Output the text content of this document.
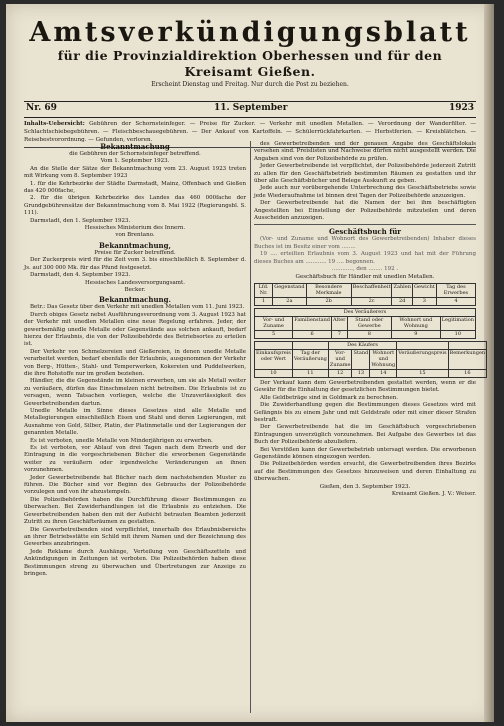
Amtsverkündigungsblatt
für die Provinzialdirektion Oberhessen und für den Kreisamt Gießen.
Erscheint Dienstag und Freitag. Nur durch die Post zu beziehen.
Nr. 69	11. September	1923
Inhalts-Uebersicht: Gebühren der Schornsteinfeger. — Preise für Zucker. — Verkehr mit unedlen Metallen. — Verordnung der Wanderfilter. — Schlachtschiebegebühren. — Fleischbeschauegebühren. — Der Ankauf von Kartoffeln. — Schülerrückfahrkarten. — Herbstferien. — Kreisblätchen. — Reisebestvorordnung. — Gefunden, verloren.
Bekanntmachung

die Gebühren der Schornsteinfeger betreffend.

Vom 1. September 1923.

An die Stelle der Sätze der Bekanntmachung vom 23. August 1923 treten mit Wirkung vom 8. September 1923

1. für die Kehrbezirke der Städte Darmstadt, Mainz, Offenbach und Gießen das 420 000fache,

2. für die übrigen Kehrbezirke des Landes das 460 000fache der Grundgebührensätze der Bekanntmachung vom 8. Mai 1922 (Regierungsbl. S. 111).

Darmstadt, den 1. September 1923.

Hessisches Ministerium des Innern.

von Brentano.

Bekanntmachung,

Preise für Zucker betreffend.

Der Zuckerpreis wird für die Zeit vom 3. bis einschließlich 8. September d. Js. auf 300 000 Mk. für das Pfund festgesetzt.

Darmstadt, den 4. September 1923.

Hessisches Landesversorgungsamt.

Becker.

Bekanntmachung.

Betr.: Das Gesetz über den Verkehr mit unedlen Metallen vom 11. Juni 1923.

Durch obiges Gesetz nebst Ausführungsverordnung vom 3. August 1923 hat der Verkehr mit unedlen Metallen eine neue Regelung erfahren. Jeder, der gewerbsmäßig unedle Metalle oder Gegenstände aus solchen ankauft, bedarf hierzu der Erlaubnis, die von der Polizeibehörde des Betriebsortes zu erteilen ist.

Der Verkehr von Schmelzereien und Gießereien, in denen unedle Metalle verarbeitet werden, bedarf ebenfalls der Erlaubnis, ausgenommen der Verkehr von Berg-, Hütten-, Stahl- und Temperwerken, Kokereien und Puddelwerken, die ihre Rohstoffe nur im großen beziehen.

Händler, die die Gegenstände im kleinen erwerben, um sie als Metall weiter zu veräußern, dürfen das Einschmelzen nicht betreiben. Die Erlaubnis ist zu versagen, wenn Tatsachen vorliegen, welche die Unzuverlässigkeit des Gewerbetreibenden dartun.

Unedle Metalle im Sinne dieses Gesetzes sind alle Metalle und Metallegierungen einschließlich Eisen und Stahl und deren Legierungen, mit Ausnahme von Gold, Silber, Platin, der Platinmetalle und der Legierungen der genannten Metalle.

Es ist verboten, unedle Metalle von Minderjährigen zu erwerben.

Es ist verboten, vor Ablauf von drei Tagen nach dem Erwerb und der Eintragung in die vorgeschriebenen Bücher die erworbenen Gegenstände weiter zu veräußern oder irgendwelche Veränderungen an ihnen vorzunehmen.

Jeder Gewerbetreibende hat Bücher nach dem nachstehenden Muster zu führen. Die Bücher sind vor Beginn des Gebrauchs der Polizeibehörde vorzulegen und von ihr abzustempeln.

Die Polizeibehörden haben die Durchführung dieser Bestimmungen zu überwachen. Bei Zuwiderhandlungen ist die Erlaubnis zu entziehen. Die Gewerbetreibenden haben den mit der Aufsicht betrauten Beamten jederzeit Zutritt zu ihren Geschäftsräumen zu gestatten.

Die Gewerbetreibenden sind verpflichtet, innerhalb des Erlaubnisbereichs an ihrer Betriebsstätte ein Schild mit ihrem Namen und der Bezeichnung des Gewerbes anzubringen.

Jede Reklame durch Aushänge, Verteilung von Geschäftszetteln und Ankündigungen in Zeitungen ist verboten. Die Polizeibehörden haben diese Bestimmungen streng zu überwachen und Übertretungen zur Anzeige zu bringen.

des Gewerbetreibenden und der genauen Angabe des Geschäftslokals versehen sind. Preislisten und Nachweise dürfen nicht ausgestellt werden. Die Angaben sind von der Polizeibehörde zu prüfen.

Jeder Gewerbetreibende ist verpflichtet, der Polizeibehörde jederzeit Zutritt zu allen für den Geschäftsbetrieb bestimmten Räumen zu gestatten und ihr über alle Geschäftsbücher und Belege Auskunft zu geben.

Jede auch nur vorübergehende Unterbrechung des Geschäftsbetriebs sowie jede Wiederaufnahme ist binnen drei Tagen der Polizeibehörde anzuzeigen.

Der Gewerbetreibende hat die Namen der bei ihm beschäftigten Angestellten bei Einstellung der Polizeibehörde mitzuteilen und deren Ausscheiden anzuzeigen.

Geschäftsbuch für

(Vor- und Zuname und Wohnort des Gewerbetreibenden) Inhaber dieses Buches ist im Besitz einer vom ........

19 .... erteilten Erlaubnis vom 3. August 1923 und hat mit der Führung dieses Buches am ............ 19 .... begonnen.

............, den ........ 192 .

Geschäftsbuch für Händler mit unedlen Metallen.

Lfd. Nr.	Gegenstand	Besondere Merkmale	Beschaffenheit	Zahlen	Gewicht	Tag des Erwerbes
1	2a	2b	2c	2d	3	4
Des Veräußerers					
Vor- und Zuname	Familienstand	Alter	Stand oder Gewerbe	Wohnort und Wohnung	Legitimation
5	6	7	8	9	10
		Des Käufers				
Einkaufspreis oder Wert	Tag der Veräußerung	Vor- und Zuname	Stand	Wohnort und Wohnung	Veräußerungspreis	Bemerkungen
10	11	12	13	14	15	16

Der Verkauf kann dem Gewerbetreibenden gestattet werden, wenn er die Gewähr für die Einhaltung der gesetzlichen Bestimmungen bietet.

Alle Geldbeträge sind in Goldmark zu berechnen.

Die Zuwiderhandlung gegen die Bestimmungen dieses Gesetzes wird mit Gefängnis bis zu einem Jahr und mit Geldstrafe oder mit einer dieser Strafen bestraft.

Der Gewerbetreibende hat die im Geschäftsbuch vorgeschriebenen Eintragungen unverzüglich vorzunehmen. Bei Aufgabe des Gewerbes ist das Buch der Polizeibehörde abzuliefern.

Bei Verstößen kann der Gewerbebetrieb untersagt werden. Die erworbenen Gegenstände können eingezogen werden.

Die Polizeibehörden werden ersucht, die Gewerbetreibenden ihres Bezirks auf die Bestimmungen des Gesetzes hinzuweisen und deren Einhaltung zu überwachen.

Gießen, den 3. September 1923.

Kreisamt Gießen. J. V.: Weiser.
